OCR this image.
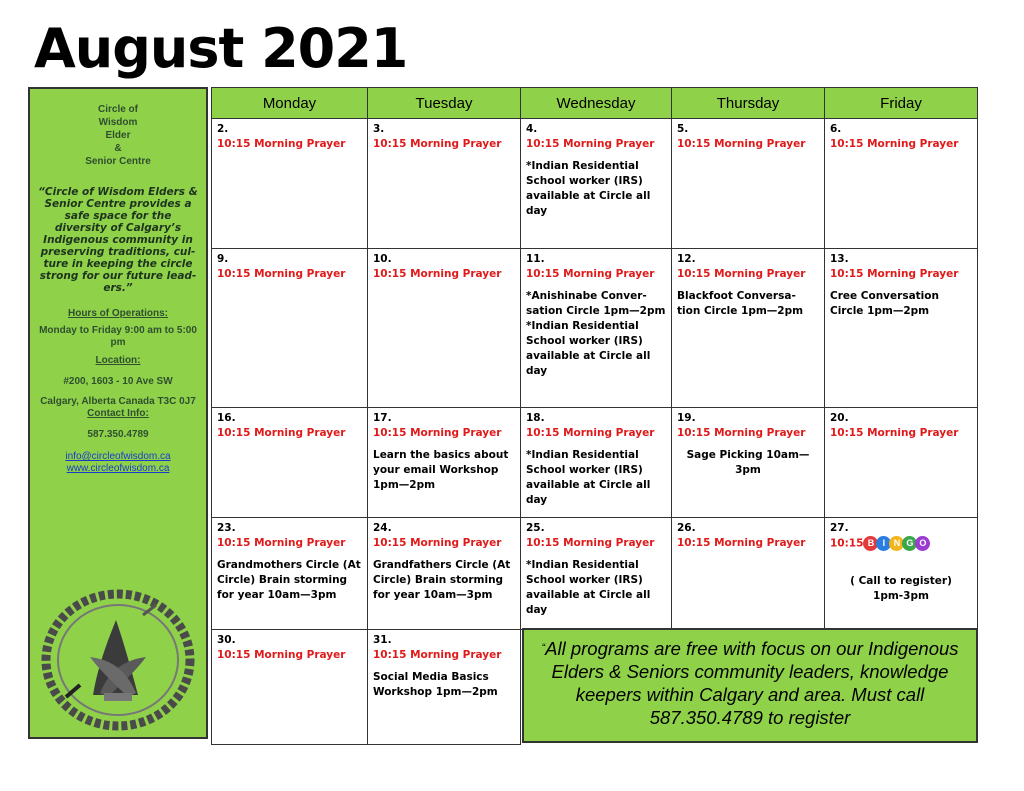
August 2021
Circle of
Wisdom
Elder
&
Senior Centre
“Circle of Wisdom Elders & Senior Centre provides a safe space for the diversity of Calgary’s Indigenous community in preserving traditions, cul-ture in keeping the circle strong for our future lead-ers.”
Hours of Operations:
Monday to Friday 9:00 am to 5:00 pm
Location:
#200, 1603 - 10 Ave SW
Calgary, Alberta Canada T3C 0J7
Contact Info:
587.350.4789
info@circleofwisdom.ca
www.circleofwisdom.ca
Monday	Tuesday	Wednesday	Thursday	Friday

2.
10:15 Morning Prayer	3.
10:15 Morning Prayer	4.
10:15 Morning Prayer
*Indian Residential School worker (IRS) available at Circle all day	5.
10:15 Morning Prayer	6.
10:15 Morning Prayer

9.
10:15 Morning Prayer	10.
10:15 Morning Prayer	11.
10:15 Morning Prayer
*Anishinabe Conver-sation Circle 1pm—2pm
*Indian Residential School worker (IRS) available at Circle all day	12.
10:15 Morning Prayer
Blackfoot Conversa-tion Circle 1pm—2pm	13.
10:15 Morning Prayer
Cree Conversation Circle 1pm—2pm

16.
10:15 Morning Prayer	17.
10:15 Morning Prayer
Learn the basics about your email Workshop 1pm—2pm	18.
10:15 Morning Prayer
*Indian Residential School worker (IRS) available at Circle all day	19.
10:15 Morning Prayer
Sage Picking 10am—3pm	20.
10:15 Morning Prayer

23.
10:15 Morning Prayer
Grandmothers Circle (At Circle) Brain storming for year 10am—3pm	24.
10:15 Morning Prayer
Grandfathers Circle (At Circle) Brain storming for year 10am—3pm	25.
10:15 Morning Prayer
*Indian Residential School worker (IRS) available at Circle all day	26.
10:15 Morning Prayer	27.
10:15 B I N G O
( Call to register)
1pm-3pm

30.
10:15 Morning Prayer	31.
10:15 Morning Prayer
Social Media Basics Workshop 1pm—2pm			

“All programs are free with focus on our Indigenous Elders & Seniors community leaders, knowledge keepers within Calgary and area. Must call 587.350.4789 to register
